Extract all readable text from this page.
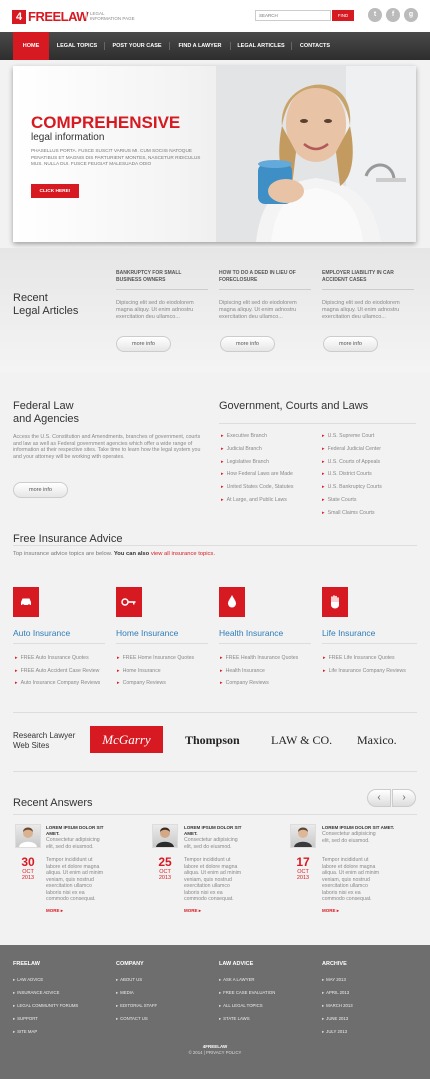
4 FREELAW LEGAL INFORMATION PAGE
SEARCH
FIND	t	f	g
HOME	LEGAL TOPICS	POST YOUR CASE	FIND A LAWYER	LEGAL ARTICLES	CONTACTS
COMPREHENSIVE
legal information
PHASELLUS PORTA. FUSCE SUSCIT VARIUS MI. CUM SOCIIS NATOQUE PENATIBUS ET MAGNIS DIS PARTURIENT MONTES, NASCETUR RIDICULUS MUS. NULLA DUI. FUSCE FEUGIAT MALESUADA ODIO
CLICK HERE!
Recent
Legal Articles
BANKRUPTCY FOR SMALL BUSINESS OWNERS
Dipiscing elit sed do eiodolorem magna aliquy. Ut enim adnostru exercitation deu ullamco...
more info
HOW TO DO A DEED IN LIEU OF FORECLOSURE
Dipiscing elit sed do eiodolorem magna aliquy. Ut enim adnostru exercitation deu ullamco...
more info
EMPLOYER LIABILITY IN CAR ACCIDENT CASES
Dipiscing elit sed do eiodolorem magna aliquy. Ut enim adnostru exercitation deu ullamco...
more info
Federal Law
and Agencies
Access the U.S. Constitution and Amendments, branches of government, courts and law as well as Federal government agencies which offer a wide range of information at their respective sites. Take time to learn how the legal system you and your attorney will be working with operates.
more info
Government, Courts and Laws
▸ Executive Branch
▸ Judicial Branch
▸ Legislative Branch
▸ How Federal Laws are Made
▸ United States Code, Statutes
▸ At Large, and Public Laws
▸ U.S. Supreme Court
▸ Federal Judicial Center
▸ U.S. Courts of Appeals
▸ U.S. District Courts
▸ U.S. Bankruptcy Courts
▸ State Courts
▸ Small Claims Courts
Free Insurance Advice
Top insurance advice topics are below. You can also view all insurance topics.
Auto Insurance	Home Insurance	Health Insurance	Life Insurance
▸ FREE Auto Insurance Quotes
▸ FREE Auto Accident Case Review
▸ Auto Insurance Company Reviews
▸ FREE Home Insurance Quotes
▸ Home Insurance
▸ Company Reviews
▸ FREE Health Insurance Quotes
▸ Health Insurance
▸ Company Reviews
▸ FREE Life Insurance Quotes
▸ Life Insurance Company Reviews
Research Lawyer
Web Sites	McGarry	Thompson	LAW & CO. Maxico.
Recent Answers	‹	›
LOREM IPSUM DOLOR SIT AMET.
Consectetur adipisicing elit, sed do eiusmod.
30
OCT
2013
Tempor incididunt ut labore et dolore magna aliqua. Ut enim ad minim veniam, quis nostrud exercitation ullamco laboris nisi ex ea commodo consequat.
MORE ▸
LOREM IPSUM DOLOR SIT AMET.
Consectetur adipisicing elit, sed do eiusmod.
25
OCT
2013
Tempor incididunt ut labore et dolore magna aliqua. Ut enim ad minim veniam, quis nostrud exercitation ullamco laboris nisi ex ea commodo consequat.
MORE ▸
LOREM IPSUM DOLOR SIT AMET.
Consectetur adipisicing elit, sed do eiusmod.
17
OCT
2013
Tempor incididunt ut labore et dolore magna aliqua. Ut enim ad minim veniam, quis nostrud exercitation ullamco laboris nisi ex ea commodo consequat.
MORE ▸
FREELAW
▸ LAW ADVICE
▸ INSURANCE ADVICE
▸ LEGAL COMMUNITY FORUMS
▸ SUPPORT
▸ SITE MAP
COMPANY
▸ ABOUT US
▸ MEDIA
▸ EDITORIAL STAFF
▸ CONTACT US
LAW ADVICE
▸ ASK A LAWYER
▸ FREE CASE EVALUATION
▸ ALL LEGAL TOPICS
▸ STATE LAWS
ARCHIVE
▸ MAY 2013
▸ APRIL 2013
▸ MARCH 2013
▸ JUNE 2013
▸ JULY 2013
4FREELAW
© 2014 | PRIVACY POLICY
